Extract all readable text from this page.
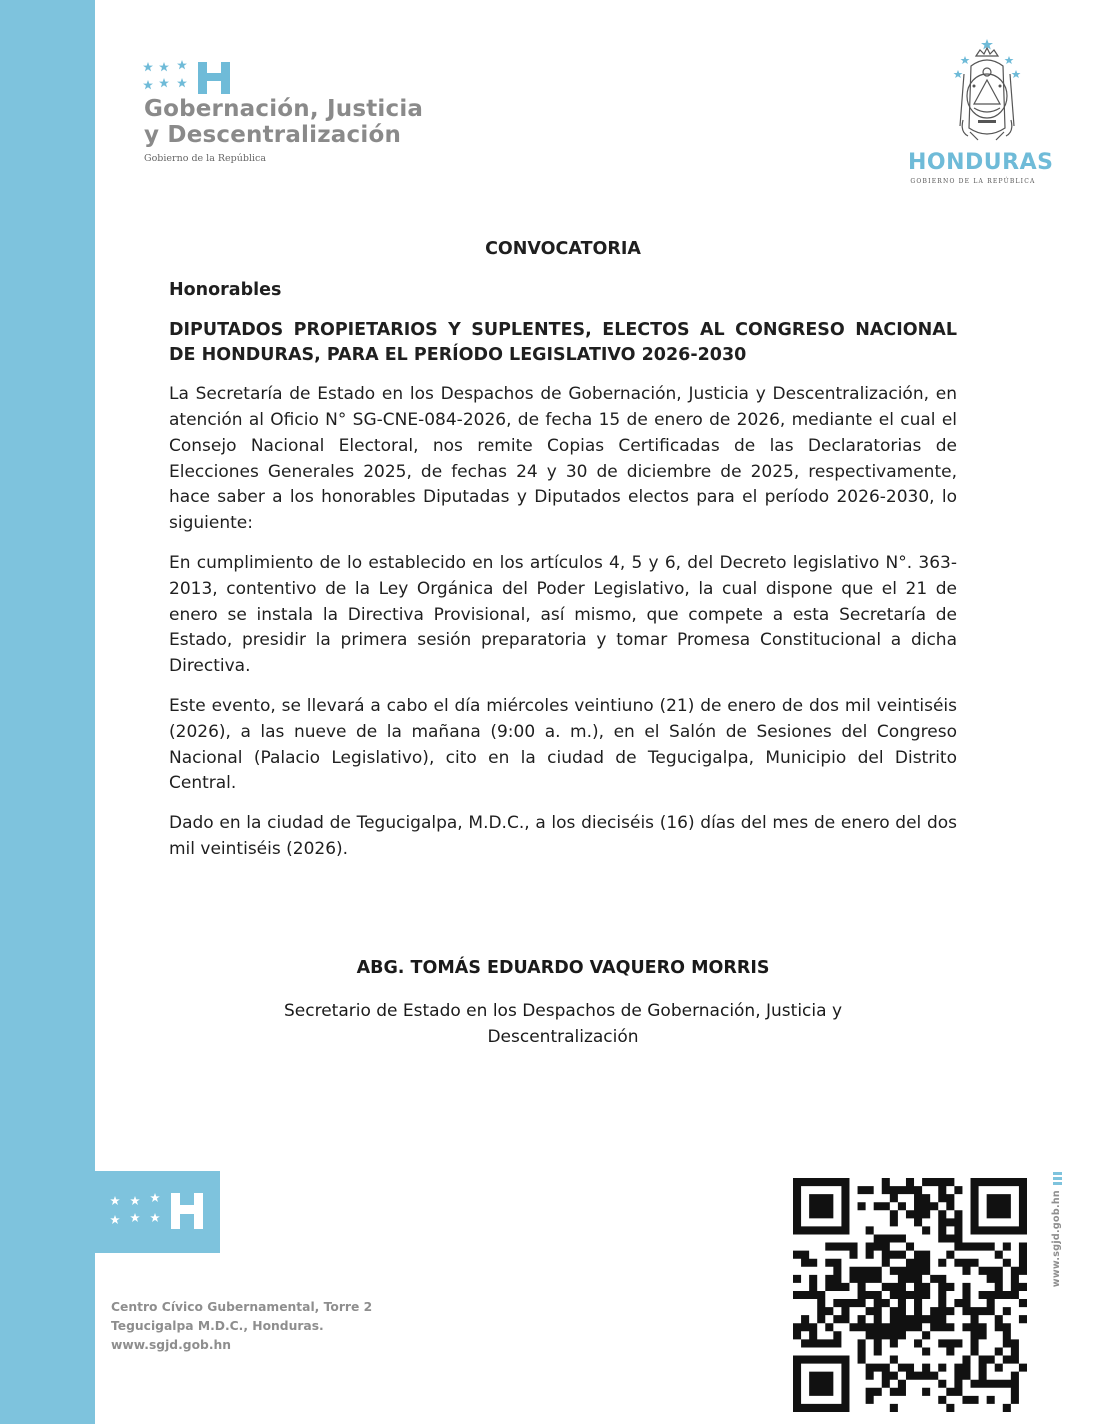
Gobernación, Justicia
y Descentralización
Gobierno de la República	HONDURAS
GOBIERNO DE LA REPÚBLICA
CONVOCATORIA
Honorables
DIPUTADOS PROPIETARIOS Y SUPLENTES, ELECTOS AL CONGRESO NACIONAL DE HONDURAS, PARA EL PERÍODO LEGISLATIVO 2026-2030

La Secretaría de Estado en los Despachos de Gobernación, Justicia y Descentralización, en atención al Oficio N° SG-CNE-084-2026, de fecha 15 de enero de 2026, mediante el cual el Consejo Nacional Electoral, nos remite Copias Certificadas de las Declaratorias de Elecciones Generales 2025, de fechas 24 y 30 de diciembre de 2025, respectivamente, hace saber a los honorables Diputadas y Diputados electos para el período 2026-2030, lo siguiente:

En cumplimiento de lo establecido en los artículos 4, 5 y 6, del Decreto legislativo N°. 363-2013, contentivo de la Ley Orgánica del Poder Legislativo, la cual dispone que el 21 de enero se instala la Directiva Provisional, así mismo, que compete a esta Secretaría de Estado, presidir la primera sesión preparatoria y tomar Promesa Constitucional a dicha Directiva.

Este evento, se llevará a cabo el día miércoles veintiuno (21) de enero de dos mil veintiséis (2026), a las nueve de la mañana (9:00 a. m.), en el Salón de Sesiones del Congreso Nacional (Palacio Legislativo), cito en la ciudad de Tegucigalpa, Municipio del Distrito Central.

Dado en la ciudad de Tegucigalpa, M.D.C., a los dieciséis (16) días del mes de enero del dos mil veintiséis (2026).

ABG. TOMÁS EDUARDO VAQUERO MORRIS
Secretario de Estado en los Despachos de Gobernación, Justicia y
Descentralización
Centro Cívico Gubernamental, Torre 2
Tegucigalpa M.D.C., Honduras.
www.sgjd.gob.hn
www.sgjd.gob.hn
